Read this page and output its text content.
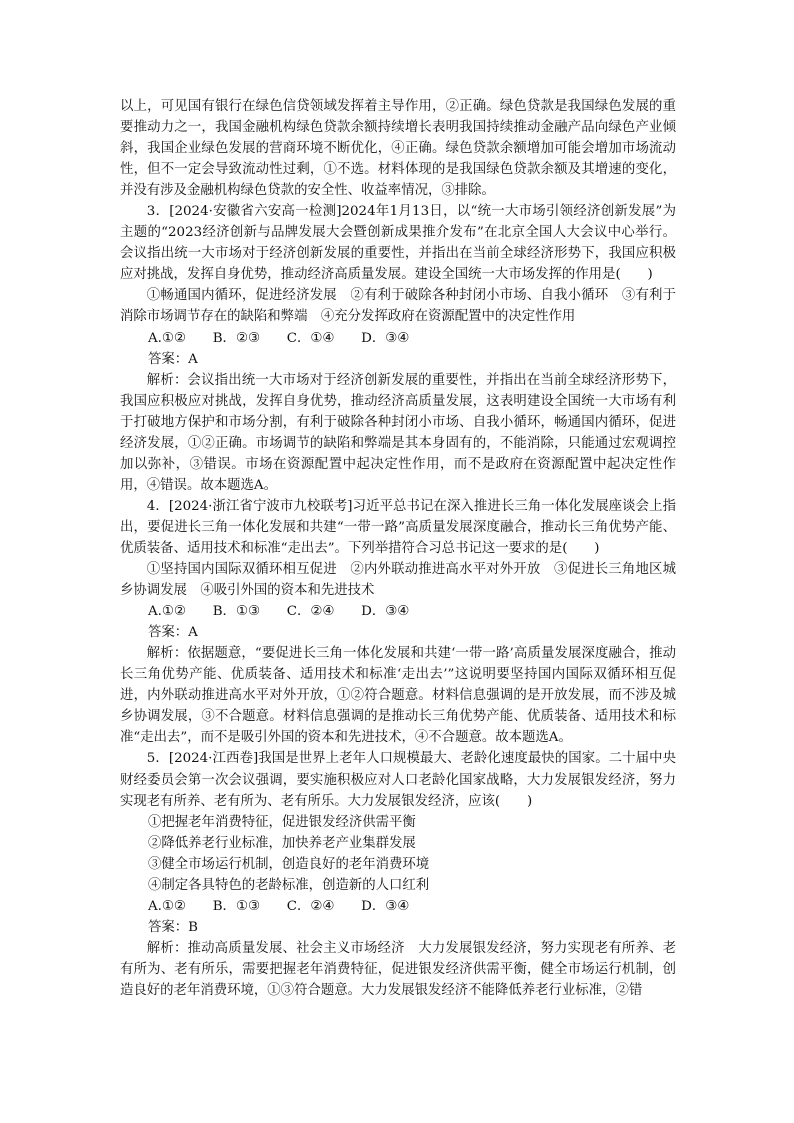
以上，可见国有银行在绿色信贷领域发挥着主导作用，②正确。绿色贷款是我国绿色发展的重要推动力之一，我国金融机构绿色贷款余额持续增长表明我国持续推动金融产品向绿色产业倾斜，我国企业绿色发展的营商环境不断优化，④正确。绿色贷款余额增加可能会增加市场流动性，但不一定会导致流动性过剩，①不选。材料体现的是我国绿色贷款余额及其增速的变化，并没有涉及金融机构绿色贷款的安全性、收益率情况，③排除。

3．[2024·安徽省六安高一检测]2024年1月13日，以“统一大市场引领经济创新发展”为主题的“2023经济创新与品牌发展大会暨创新成果推介发布”在北京全国人大会议中心举行。会议指出统一大市场对于经济创新发展的重要性，并指出在当前全球经济形势下，我国应积极应对挑战，发挥自身优势，推动经济高质量发展。建设全国统一大市场发挥的作用是(　　)

①畅通国内循环，促进经济发展　②有利于破除各种封闭小市场、自我小循环　③有利于消除市场调节存在的缺陷和弊端　④充分发挥政府在资源配置中的决定性作用

A.①②　　B．②③　　C．①④　　D．③④

答案：A

解析：会议指出统一大市场对于经济创新发展的重要性，并指出在当前全球经济形势下，我国应积极应对挑战，发挥自身优势，推动经济高质量发展，这表明建设全国统一大市场有利于打破地方保护和市场分割，有利于破除各种封闭小市场、自我小循环，畅通国内循环，促进经济发展，①②正确。市场调节的缺陷和弊端是其本身固有的，不能消除，只能通过宏观调控加以弥补，③错误。市场在资源配置中起决定性作用，而不是政府在资源配置中起决定性作用，④错误。故本题选A。

4．[2024·浙江省宁波市九校联考]习近平总书记在深入推进长三角一体化发展座谈会上指出，要促进长三角一体化发展和共建“一带一路”高质量发展深度融合，推动长三角优势产能、优质装备、适用技术和标准“走出去”。下列举措符合习总书记这一要求的是(　　)

①坚持国内国际双循环相互促进　②内外联动推进高水平对外开放　③促进长三角地区城乡协调发展　④吸引外国的资本和先进技术

A.①②　　B．①③　　C．②④　　D．③④

答案：A

解析：依据题意，“要促进长三角一体化发展和共建‘一带一路’高质量发展深度融合，推动长三角优势产能、优质装备、适用技术和标准‘走出去’”这说明要坚持国内国际双循环相互促进，内外联动推进高水平对外开放，①②符合题意。材料信息强调的是开放发展，而不涉及城乡协调发展，③不合题意。材料信息强调的是推动长三角优势产能、优质装备、适用技术和标准“走出去”，而不是吸引外国的资本和先进技术，④不合题意。故本题选A。

5．[2024·江西卷]我国是世界上老年人口规模最大、老龄化速度最快的国家。二十届中央财经委员会第一次会议强调，要实施积极应对人口老龄化国家战略，大力发展银发经济，努力实现老有所养、老有所为、老有所乐。大力发展银发经济，应该(　　)

①把握老年消费特征，促进银发经济供需平衡

②降低养老行业标准，加快养老产业集群发展

③健全市场运行机制，创造良好的老年消费环境

④制定各具特色的老龄标准，创造新的人口红利

A.①②　　B．①③　　C．②④　　D．③④

答案：B

解析：推动高质量发展、社会主义市场经济　大力发展银发经济，努力实现老有所养、老有所为、老有所乐，需要把握老年消费特征，促进银发经济供需平衡，健全市场运行机制，创造良好的老年消费环境，①③符合题意。大力发展银发经济不能降低养老行业标准，②错
